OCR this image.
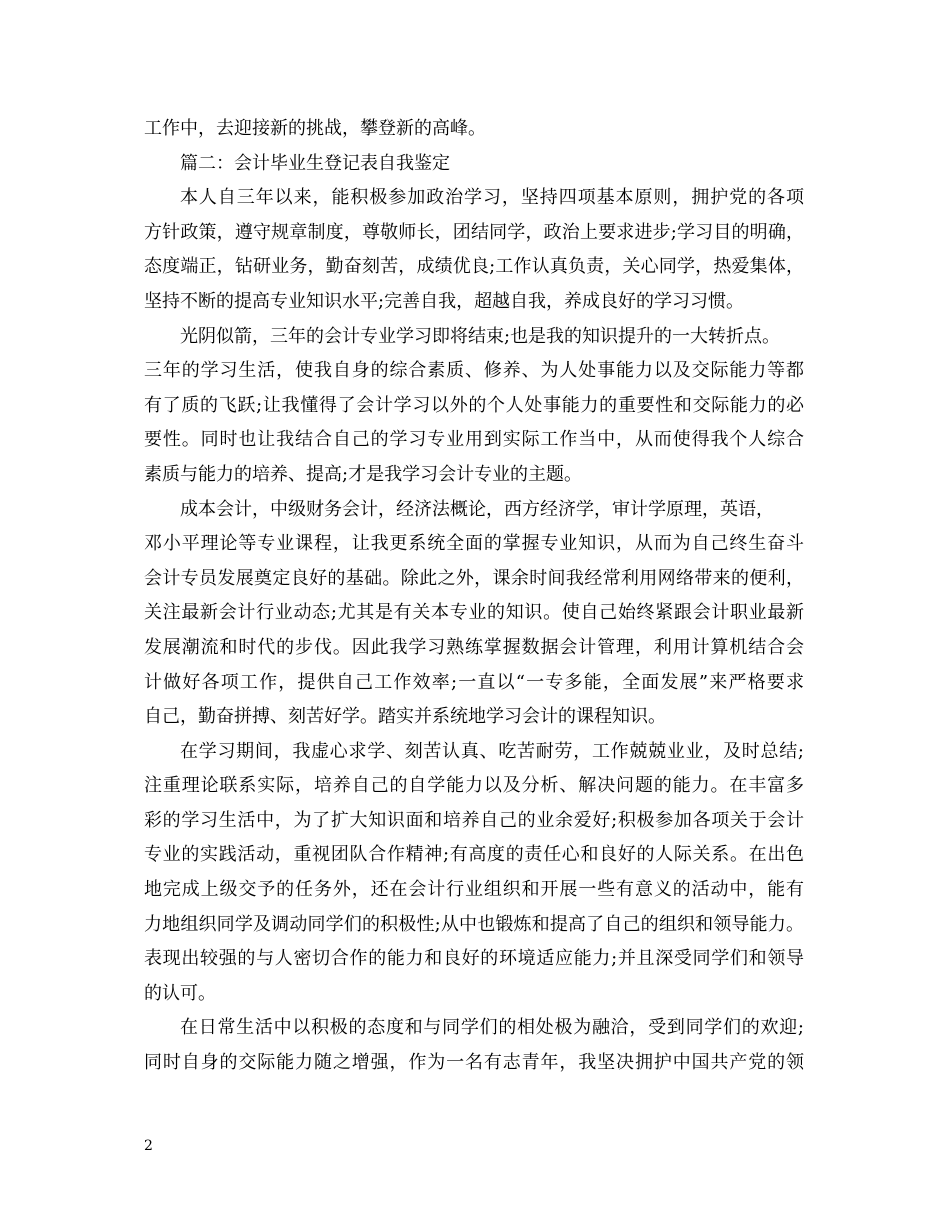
工作中，去迎接新的挑战，攀登新的高峰。
篇二：会计毕业生登记表自我鉴定
本人自三年以来，能积极参加政治学习，坚持四项基本原则，拥护党的各项
方针政策，遵守规章制度，尊敬师长，团结同学，政治上要求进步;学习目的明确，
态度端正，钻研业务，勤奋刻苦，成绩优良;工作认真负责，关心同学，热爱集体，
坚持不断的提高专业知识水平;完善自我，超越自我，养成良好的学习习惯。
光阴似箭，三年的会计专业学习即将结束;也是我的知识提升的一大转折点。
三年的学习生活，使我自身的综合素质、修养、为人处事能力以及交际能力等都
有了质的飞跃;让我懂得了会计学习以外的个人处事能力的重要性和交际能力的必
要性。同时也让我结合自己的学习专业用到实际工作当中，从而使得我个人综合
素质与能力的培养、提高;才是我学习会计专业的主题。
成本会计，中级财务会计，经济法概论，西方经济学，审计学原理，英语，
邓小平理论等专业课程，让我更系统全面的掌握专业知识，从而为自己终生奋斗
会计专员发展奠定良好的基础。除此之外，课余时间我经常利用网络带来的便利，
关注最新会计行业动态;尤其是有关本专业的知识。使自己始终紧跟会计职业最新
发展潮流和时代的步伐。因此我学习熟练掌握数据会计管理，利用计算机结合会
计做好各项工作，提供自己工作效率;一直以“一专多能，全面发展”来严格要求
自己，勤奋拼搏、刻苦好学。踏实并系统地学习会计的课程知识。
在学习期间，我虚心求学、刻苦认真、吃苦耐劳，工作兢兢业业，及时总结;
注重理论联系实际，培养自己的自学能力以及分析、解决问题的能力。在丰富多
彩的学习生活中，为了扩大知识面和培养自己的业余爱好;积极参加各项关于会计
专业的实践活动，重视团队合作精神;有高度的责任心和良好的人际关系。在出色
地完成上级交予的任务外，还在会计行业组织和开展一些有意义的活动中，能有
力地组织同学及调动同学们的积极性;从中也锻炼和提高了自己的组织和领导能力。
表现出较强的与人密切合作的能力和良好的环境适应能力;并且深受同学们和领导
的认可。
在日常生活中以积极的态度和与同学们的相处极为融洽，受到同学们的欢迎;
同时自身的交际能力随之增强，作为一名有志青年，我坚决拥护中国共产党的领
2
